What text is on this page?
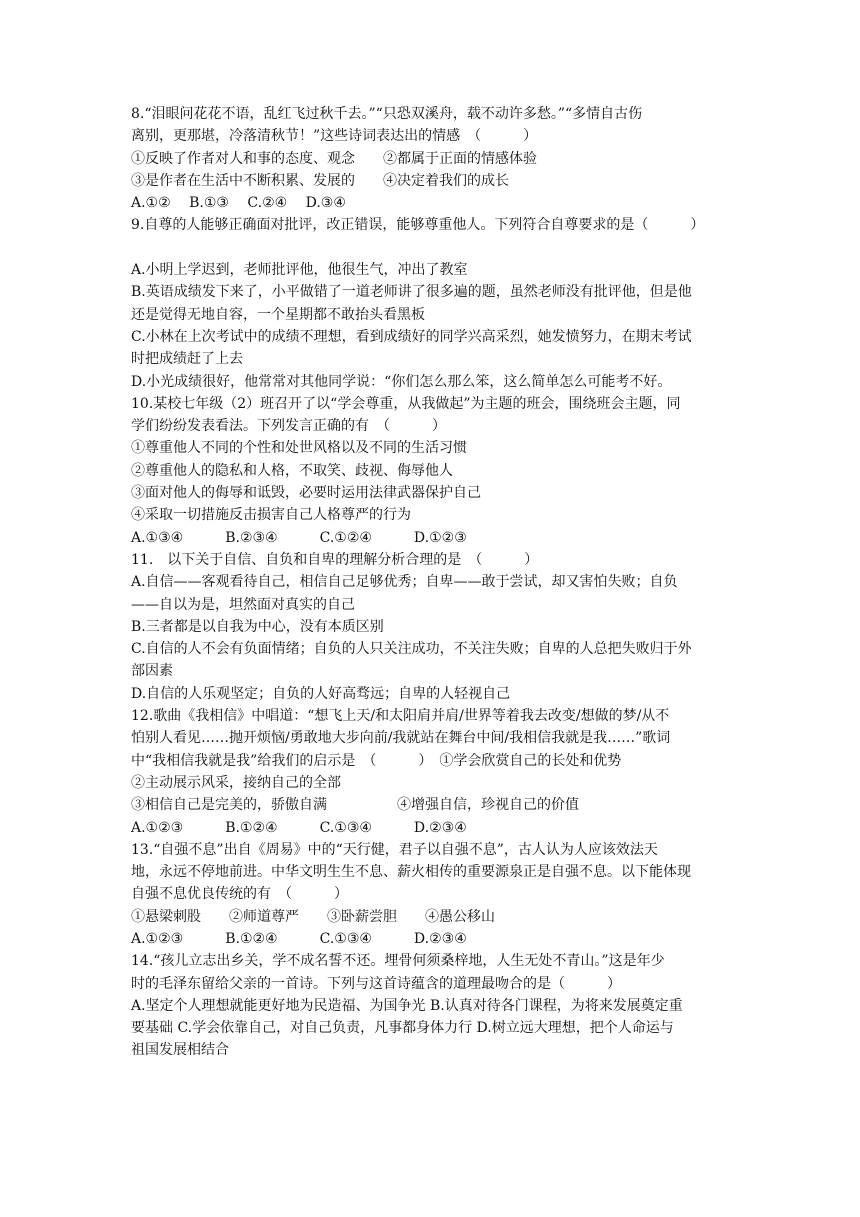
8.“泪眼问花花不语，乱红飞过秋千去。”“只恐双溪舟，载不动许多愁。”“多情自古伤
离别，更那堪，冷落清秋节！”这些诗词表达出的情感　（　　　）
①反映了作者对人和事的态度、观念　　②都属于正面的情感体验
③是作者在生活中不断积累、发展的　　④决定着我们的成长
A.①②　 B.①③　 C.②④　 D.③④
9.自尊的人能够正确面对批评，改正错误，能够尊重他人。下列符合自尊要求的是（　　　）
A.小明上学迟到，老师批评他，他很生气，冲出了教室
B.英语成绩发下来了，小平做错了一道老师讲了很多遍的题，虽然老师没有批评他，但是他
还是觉得无地自容，一个星期都不敢抬头看黑板
C.小林在上次考试中的成绩不理想，看到成绩好的同学兴高采烈，她发愤努力，在期末考试
时把成绩赶了上去
D.小光成绩很好，他常常对其他同学说：“你们怎么那么笨，这么简单怎么可能考不好。
10.某校七年级（2）班召开了以“学会尊重，从我做起”为主题的班会，围绕班会主题，同
学们纷纷发表看法。下列发言正确的有　（　　　）
①尊重他人不同的个性和处世风格以及不同的生活习惯
②尊重他人的隐私和人格，不取笑、歧视、侮辱他人
③面对他人的侮辱和诋毁，必要时运用法律武器保护自己
④采取一切措施反击损害自己人格尊严的行为
A.①③④　　　B.②③④　　　C.①②④　　　D.①②③
11.　以下关于自信、自负和自卑的理解分析合理的是　（　　　）
A.自信——客观看待自己，相信自己足够优秀；自卑——敢于尝试，却又害怕失败；自负
——自以为是，坦然面对真实的自己
B.三者都是以自我为中心，没有本质区别
C.自信的人不会有负面情绪；自负的人只关注成功，不关注失败；自卑的人总把失败归于外
部因素
D.自信的人乐观坚定；自负的人好高骛远；自卑的人轻视自己
12.歌曲《我相信》中唱道：“想飞上天/和太阳肩并肩/世界等着我去改变/想做的梦/从不
怕别人看见……抛开烦恼/勇敢地大步向前/我就站在舞台中间/我相信我就是我……”歌词
中“我相信我就是我”给我们的启示是　（　　　）　①学会欣赏自己的长处和优势
②主动展示风采，接纳自己的全部
③相信自己是完美的，骄傲自满　　　　　④增强自信，珍视自己的价值
A.①②③　　　B.①②④　　　C.①③④　　　D.②③④
13.“自强不息”出自《周易》中的“天行健，君子以自强不息”，古人认为人应该效法天
地，永远不停地前进。中华文明生生不息、薪火相传的重要源泉正是自强不息。以下能体现
自强不息优良传统的有　（　　　）
①悬梁刺股　　②师道尊严　　③卧薪尝胆　　④愚公移山
A.①②③　　　B.①②④　　　C.①③④　　　D.②③④
14.“孩儿立志出乡关，学不成名誓不还。埋骨何须桑梓地，人生无处不青山。”这是年少
时的毛泽东留给父亲的一首诗。下列与这首诗蕴含的道理最吻合的是（　　　）
A.坚定个人理想就能更好地为民造福、为国争光 B.认真对待各门课程，为将来发展奠定重
要基础 C.学会依靠自己，对自己负责，凡事都身体力行 D.树立远大理想，把个人命运与
祖国发展相结合
